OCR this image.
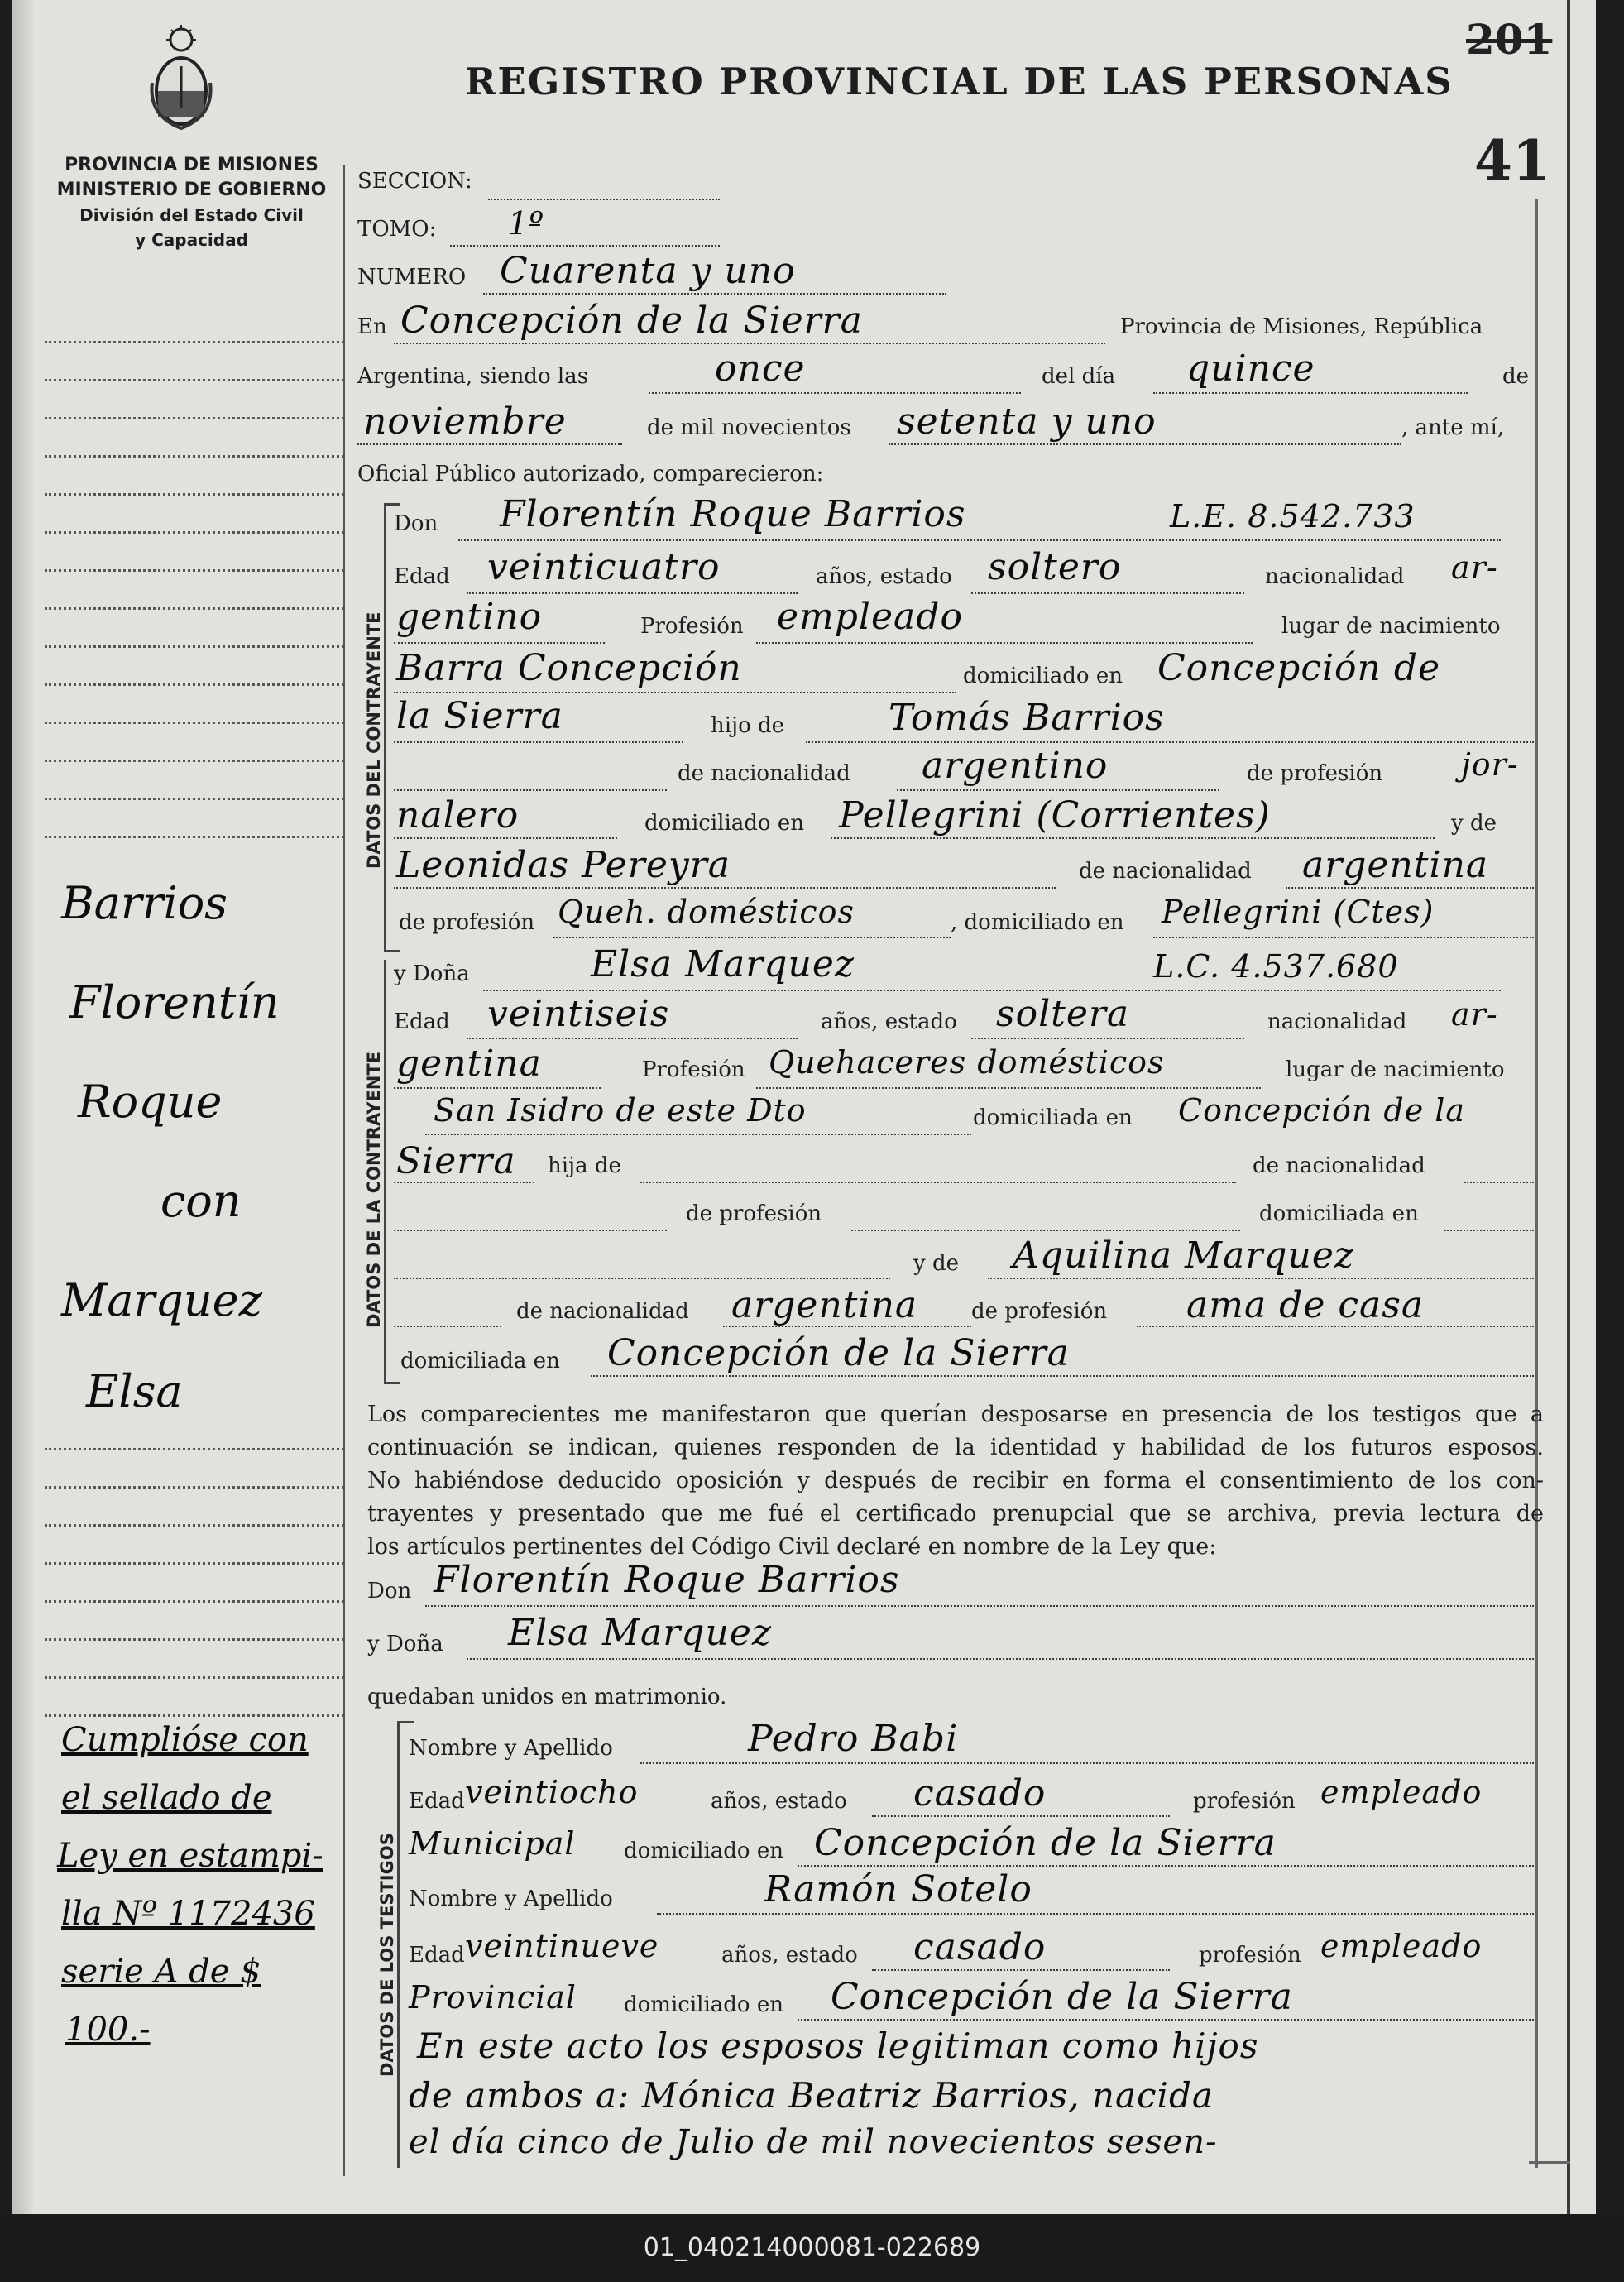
REGISTRO PROVINCIAL DE LAS PERSONAS
201
41
PROVINCIA DE MISIONES
MINISTERIO DE GOBIERNO
División del Estado Civil
y Capacidad
SECCION:
TOMO: 1º
NUMERO Cuarenta y uno
En Concepción de la Sierra	Provincia de Misiones, República
Argentina, siendo las	once	del día quince	de
noviembre	de mil novecientos setenta y uno	, ante mí,
Oficial Público autorizado, comparecieron:
DATOS DEL CONTRAYENTE
Don Florentín Roque Barrios	L.E. 8.542.733
Edad veinticuatro	años, estado soltero	nacionalidad ar-
gentino	Profesión empleado	lugar de nacimiento
Barra Concepción	domiciliado en Concepción de
la Sierra	hijo de	Tomás Barrios
de nacionalidad argentino	de profesión jor-
nalero	domiciliado en Pellegrini (Corrientes)	y de
Leonidas Pereyra	de nacionalidad argentina
de profesión Queh. domésticos	, domiciliado en Pellegrini (Ctes)
DATOS DE LA CONTRAYENTE
y Doña	Elsa Marquez	L.C. 4.537.680
Edad veintiseis	años, estado soltera	nacionalidad ar-
gentina	Profesión Quehaceres domésticos	lugar de nacimiento
San Isidro de este Dto	domiciliada en Concepción de la
Sierra hija de	de nacionalidad
de profesión	domiciliada en
y de Aquilina Marquez
de nacionalidad argentina de profesión ama de casa
domiciliada en Concepción de la Sierra
Los comparecientes me manifestaron que querían desposarse en presencia de los testigos que a
continuación se indican, quienes responden de la identidad y habilidad de los futuros esposos.
No habiéndose deducido oposición y después de recibir en forma el consentimiento de los con-
trayentes y presentado que me fué el certificado prenupcial que se archiva, previa lectura de
los artículos pertinentes del Código Civil declaré en nombre de la Ley que:
Don Florentín Roque Barrios
y Doña Elsa Marquez
quedaban unidos en matrimonio.
DATOS DE LOS TESTIGOS
Nombre y Apellido	Pedro Babi
Edad veintiocho	años, estado casado	profesión empleado
Municipal domiciliado en Concepción de la Sierra
Nombre y Apellido	Ramón Sotelo
Edad veintinueve	años, estado casado	profesión empleado
Provincial domiciliado en Concepción de la Sierra
En este acto los esposos legitiman como hijos
de ambos a: Mónica Beatriz Barrios, nacida
el día cinco de Julio de mil novecientos sesen-
Barrios
Florentín
Roque
con
Marquez
Elsa
Cumplióse con
el sellado de
Ley en estampi-
lla Nº 1172436
serie A de $
100.-
01_040214000081-022689
